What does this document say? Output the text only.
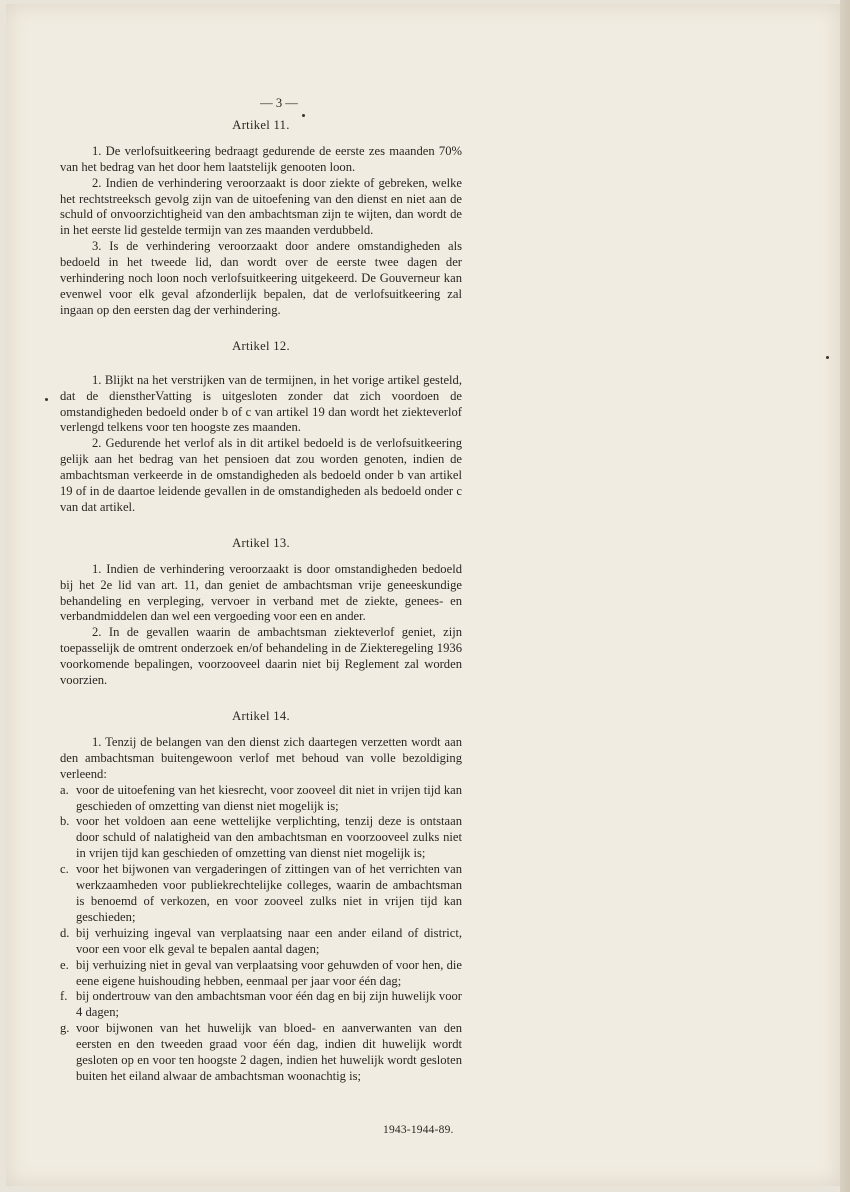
— 3 —
Artikel 11.

1. De verlofsuitkeering bedraagt gedurende de eerste zes maanden 70% van het bedrag van het door hem laatstelijk genooten loon.

2. Indien de verhindering veroorzaakt is door ziekte of gebreken, welke het rechtstreeksch gevolg zijn van de uitoefening van den dienst en niet aan de schuld of onvoorzichtigheid van den ambachtsman zijn te wijten, dan wordt de in het eerste lid gestelde termijn van zes maanden verdubbeld.

3. Is de verhindering veroorzaakt door andere omstandigheden als bedoeld in het tweede lid, dan wordt over de eerste twee dagen der verhindering noch loon noch verlofsuitkeering uitgekeerd. De Gouverneur kan evenwel voor elk geval afzonderlijk bepalen, dat de verlofsuitkeering zal ingaan op den eersten dag der verhindering.

Artikel 12.

1. Blijkt na het verstrijken van de termijnen, in het vorige artikel gesteld, dat de dienstherVatting is uitgesloten zonder dat zich voordoen de omstandigheden bedoeld onder b of c van artikel 19 dan wordt het ziekteverlof verlengd telkens voor ten hoogste zes maanden.

2. Gedurende het verlof als in dit artikel bedoeld is de verlofsuitkeering gelijk aan het bedrag van het pensioen dat zou worden genoten, indien de ambachtsman verkeerde in de omstandigheden als bedoeld onder b van artikel 19 of in de daartoe leidende gevallen in de omstandigheden als bedoeld onder c van dat artikel.

Artikel 13.

1. Indien de verhindering veroorzaakt is door omstandigheden bedoeld bij het 2e lid van art. 11, dan geniet de ambachtsman vrije geneeskundige behandeling en verpleging, vervoer in verband met de ziekte, genees- en verbandmiddelen dan wel een vergoeding voor een en ander.

2. In de gevallen waarin de ambachtsman ziekteverlof geniet, zijn toepasselijk de omtrent onderzoek en/of behandeling in de Ziekteregeling 1936 voorkomende bepalingen, voorzooveel daarin niet bij Reglement zal worden voorzien.

Artikel 14.

1. Tenzij de belangen van den dienst zich daartegen verzetten wordt aan den ambachtsman buitengewoon verlof met behoud van volle bezoldiging verleend:

a. voor de uitoefening van het kiesrecht, voor zooveel dit niet in vrijen tijd kan geschieden of omzetting van dienst niet mogelijk is;
b. voor het voldoen aan eene wettelijke verplichting, tenzij deze is ontstaan door schuld of nalatigheid van den ambachtsman en voorzooveel zulks niet in vrijen tijd kan geschieden of omzetting van dienst niet mogelijk is;
c. voor het bijwonen van vergaderingen of zittingen van of het verrichten van werkzaamheden voor publiekrechtelijke colleges, waarin de ambachtsman is benoemd of verkozen, en voor zooveel zulks niet in vrijen tijd kan geschieden;
d. bij verhuizing ingeval van verplaatsing naar een ander eiland of district, voor een voor elk geval te bepalen aantal dagen;
e. bij verhuizing niet in geval van verplaatsing voor gehuwden of voor hen, die eene eigene huishouding hebben, eenmaal per jaar voor één dag;
f. bij ondertrouw van den ambachtsman voor één dag en bij zijn huwelijk voor 4 dagen;
g. voor bijwonen van het huwelijk van bloed- en aanverwanten van den eersten en den tweeden graad voor één dag, indien dit huwelijk wordt gesloten op en voor ten hoogste 2 dagen, indien het huwelijk wordt gesloten buiten het eiland alwaar de ambachtsman woonachtig is;
1943-1944-89.
